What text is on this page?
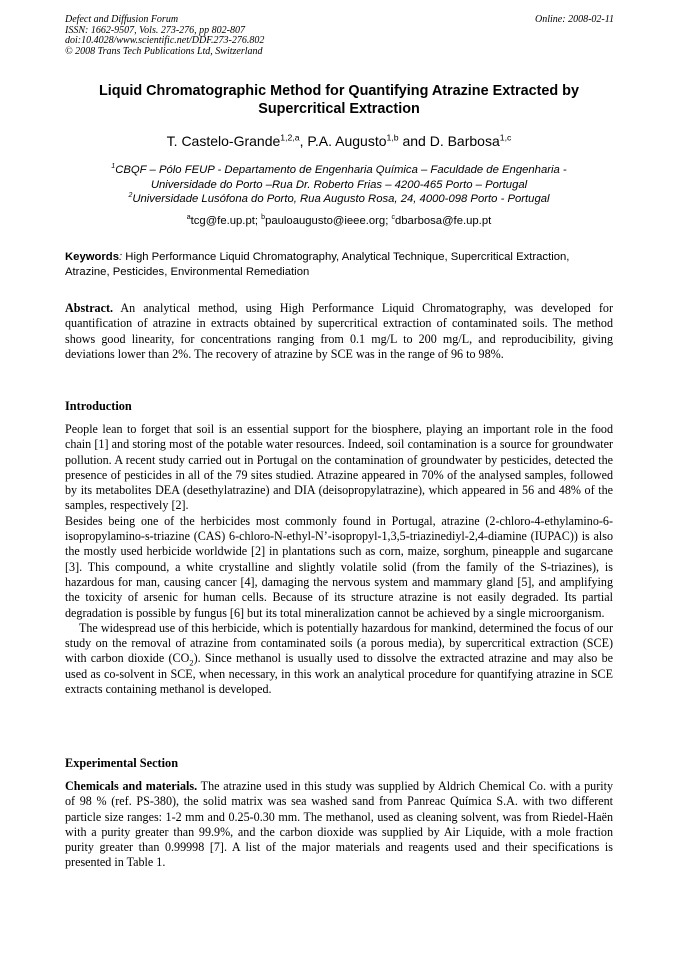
Defect and Diffusion Forum
ISSN: 1662-9507, Vols. 273-276, pp 802-807
doi:10.4028/www.scientific.net/DDF.273-276.802
© 2008 Trans Tech Publications Ltd, Switzerland
Online: 2008-02-11
Liquid Chromatographic Method for Quantifying Atrazine Extracted by
Supercritical Extraction
T. Castelo-Grande$^{1,2,a}$, P.A. Augusto$^{1,b}$ and D. Barbosa$^{1,c}$
$^1$CBQF – Pólo FEUP - Departamento de Engenharia Química – Faculdade de Engenharia -
Universidade do Porto –Rua Dr. Roberto Frias – 4200-465 Porto – Portugal
$^2$Universidade Lusófona do Porto, Rua Augusto Rosa, 24, 4000-098 Porto - Portugal
$^a$tcg@fe.up.pt; $^b$pauloaugusto@ieee.org; $^c$dbarbosa@fe.up.pt
Keywords: High Performance Liquid Chromatography, Analytical Technique, Supercritical Extraction, Atrazine, Pesticides, Environmental Remediation

Abstract. An analytical method, using High Performance Liquid Chromatography, was developed for quantification of atrazine in extracts obtained by supercritical extraction of contaminated soils. The method shows good linearity, for concentrations ranging from 0.1 mg/L to 200 mg/L, and reproducibility, giving deviations lower than 2%. The recovery of atrazine by SCE was in the range of 96 to 98%.

Introduction

People lean to forget that soil is an essential support for the biosphere, playing an important role in the food chain [1] and storing most of the potable water resources. Indeed, soil contamination is a source for groundwater pollution. A recent study carried out in Portugal on the contamination of groundwater by pesticides, detected the presence of pesticides in all of the 79 sites studied. Atrazine appeared in 70% of the analysed samples, followed by its metabolites DEA (desethylatrazine) and DIA (deisopropylatrazine), which appeared in 56 and 48% of the samples, respectively [2].

Besides being one of the herbicides most commonly found in Portugal, atrazine (2-chloro-4-ethylamino-6-isopropylamino-s-triazine (CAS) 6-chloro-N-ethyl-N’-isopropyl-1,3,5-triazinediyl-2,4-diamine (IUPAC)) is also the mostly used herbicide worldwide [2] in plantations such as corn, maize, sorghum, pineapple and sugarcane [3]. This compound, a white crystalline and slightly volatile solid (from the family of the S-triazines), is hazardous for man, causing cancer [4], damaging the nervous system and mammary gland [5], and amplifying the toxicity of arsenic for human cells. Because of its structure atrazine is not easily degraded. Its partial degradation is possible by fungus [6] but its total mineralization cannot be achieved by a single microorganism.

The widespread use of this herbicide, which is potentially hazardous for mankind, determined the focus of our study on the removal of atrazine from contaminated soils (a porous media), by supercritical extraction (SCE) with carbon dioxide $(CO_2)$. Since methanol is usually used to dissolve the extracted atrazine and may also be used as co-solvent in SCE, when necessary, in this work an analytical procedure for quantifying atrazine in SCE extracts containing methanol is developed.

Experimental Section

Chemicals and materials. The atrazine used in this study was supplied by Aldrich Chemical Co. with a purity of 98 % (ref. PS-380), the solid matrix was sea washed sand from Panreac Química S.A. with two different particle size ranges: 1-2 mm and 0.25-0.30 mm. The methanol, used as cleaning solvent, was from Riedel-Haën with a purity greater than 99.9%, and the carbon dioxide was supplied by Air Liquide, with a mole fraction purity greater than 0.99998 [7]. A list of the major materials and reagents used and their specifications is presented in Table 1.
